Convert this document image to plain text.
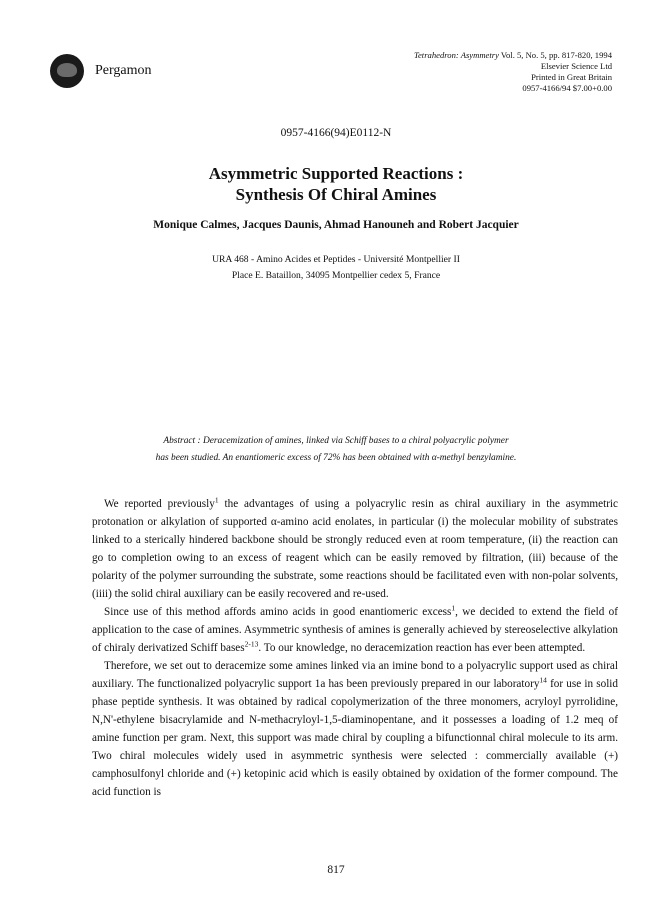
Pergamon
Tetrahedron: Asymmetry Vol. 5, No. 5, pp. 817-820, 1994
Elsevier Science Ltd
Printed in Great Britain
0957-4166/94 $7.00+0.00
0957-4166(94)E0112-N
Asymmetric Supported Reactions :
Synthesis Of Chiral Amines
Monique Calmes, Jacques Daunis, Ahmad Hanouneh and Robert Jacquier
URA 468 - Amino Acides et Peptides - Université Montpellier II
Place E. Bataillon, 34095 Montpellier cedex 5, France
Abstract : Deracemization of amines, linked via Schiff bases to a chiral polyacrylic polymer
has been studied. An enantiomeric excess of 72% has been obtained with α-methyl benzylamine.

We reported previously$^1$ the advantages of using a polyacrylic resin as chiral auxiliary in the asymmetric protonation or alkylation of supported α-amino acid enolates, in particular (i) the molecular mobility of substrates linked to a sterically hindered backbone should be strongly reduced even at room temperature, (ii) the reaction can go to completion owing to an excess of reagent which can be easily removed by filtration, (iii) because of the polarity of the polymer surrounding the substrate, some reactions should be facilitated even with non-polar solvents, (iiii) the solid chiral auxiliary can be easily recovered and re-used.

Since use of this method affords amino acids in good enantiomeric excess$^1$, we decided to extend the field of application to the case of amines. Asymmetric synthesis of amines is generally achieved by stereoselective alkylation of chiraly derivatized Schiff bases$^{2-13}$. To our knowledge, no deracemization reaction has ever been attempted.

Therefore, we set out to deracemize some amines linked via an imine bond to a polyacrylic support used as chiral auxiliary. The functionalized polyacrylic support 1a has been previously prepared in our laboratory$^{14}$ for use in solid phase peptide synthesis. It was obtained by radical copolymerization of the three monomers, acryloyl pyrrolidine, N,N'-ethylene bisacrylamide and N-methacryloyl-1,5-diaminopentane, and it possesses a loading of 1.2 meq of amine function per gram. Next, this support was made chiral by coupling a bifunctionnal chiral molecule to its arm. Two chiral molecules widely used in asymmetric synthesis were selected : commercially available (+) camphosulfonyl chloride and (+) ketopinic acid which is easily obtained by oxidation of the former compound. The acid function is

817
